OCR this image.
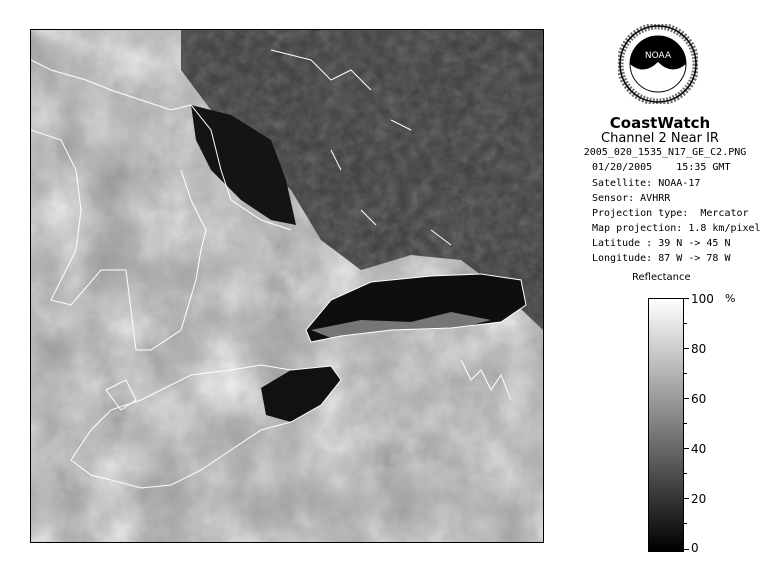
NOAA
CoastWatch
Channel 2 Near IR
2005_020_1535_N17_GE_C2.PNG
01/20/2005    15:35 GMT
Satellite: NOAA-17
Sensor: AVHRR
Projection type:  Mercator
Map projection: 1.8 km/pixel
Latitude : 39 N -> 45 N
Longitude: 87 W -> 78 W
Reflectance
%
100
80
60
40
20
0
